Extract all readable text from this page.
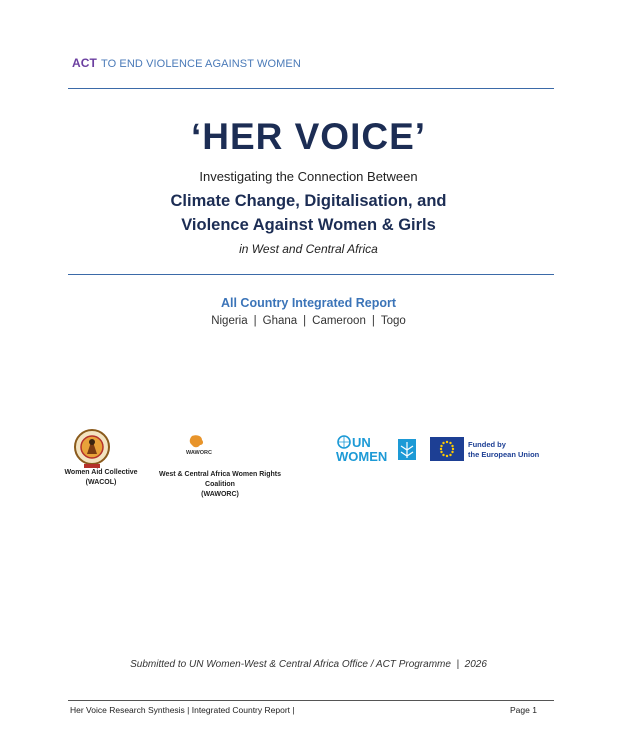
ACT TO END VIOLENCE AGAINST WOMEN
‘HER VOICE’
Investigating the Connection Between
Climate Change, Digitalisation, and
Violence Against Women & Girls
in West and Central Africa
All Country Integrated Report
Nigeria | Ghana | Cameroon | Togo
Women Aid Collective
(WACOL)
WAWORC
West & Central Africa Women Rights Coalition
(WAWORC)
UN
WOMEN
Funded by
the European Union
Submitted to UN Women-West & Central Africa Office / ACT Programme  |  2026
Her Voice Research Synthesis | Integrated Country Report |	Page 1
